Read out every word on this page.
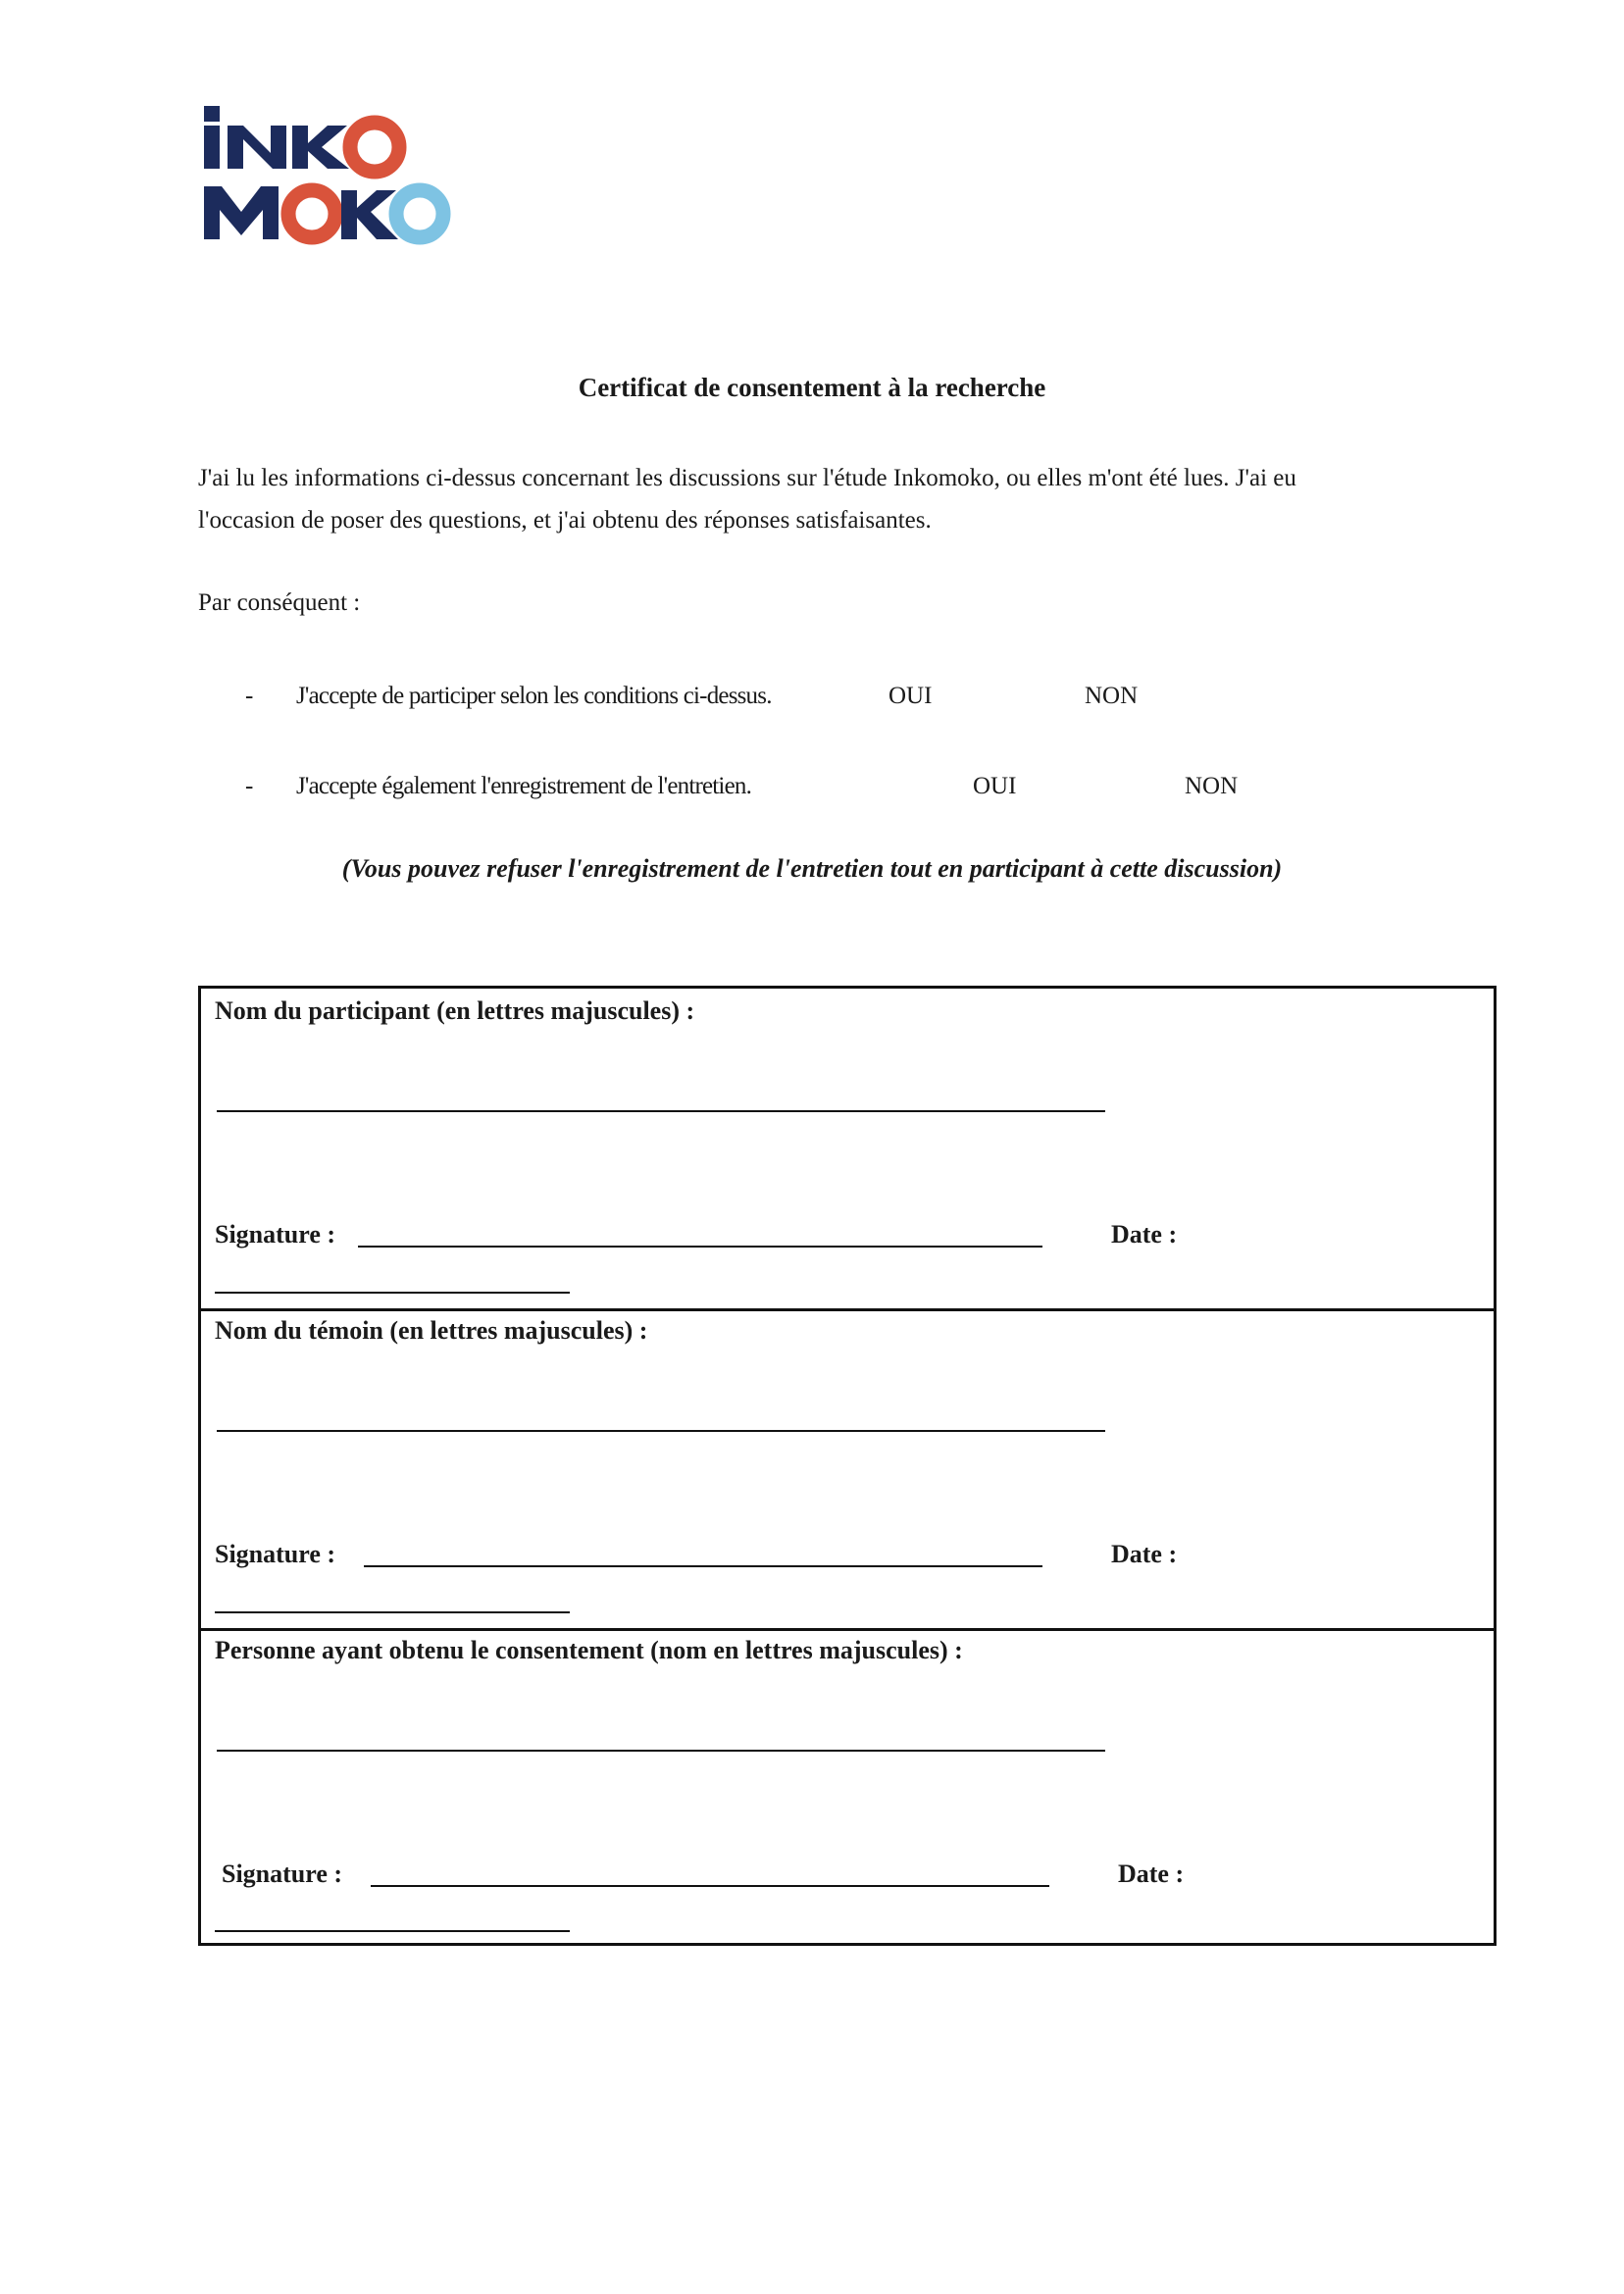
Certificat de consentement à la recherche
J'ai lu les informations ci-dessus concernant les discussions sur l'étude Inkomoko, ou elles m'ont été lues. J'ai eu
l'occasion de poser des questions, et j'ai obtenu des réponses satisfaisantes.
Par conséquent :
- J'accepte de participer selon les conditions ci-dessus.	OUI	NON
- J'accepte également l'enregistrement de l'entretien.	OUI	NON
(Vous pouvez refuser l'enregistrement de l'entretien tout en participant à cette discussion)
Nom du participant (en lettres majuscules) :
Signature :	Date :
Nom du témoin (en lettres majuscules) :
Signature :	Date :
Personne ayant obtenu le consentement (nom en lettres majuscules) :
Signature :	Date :
